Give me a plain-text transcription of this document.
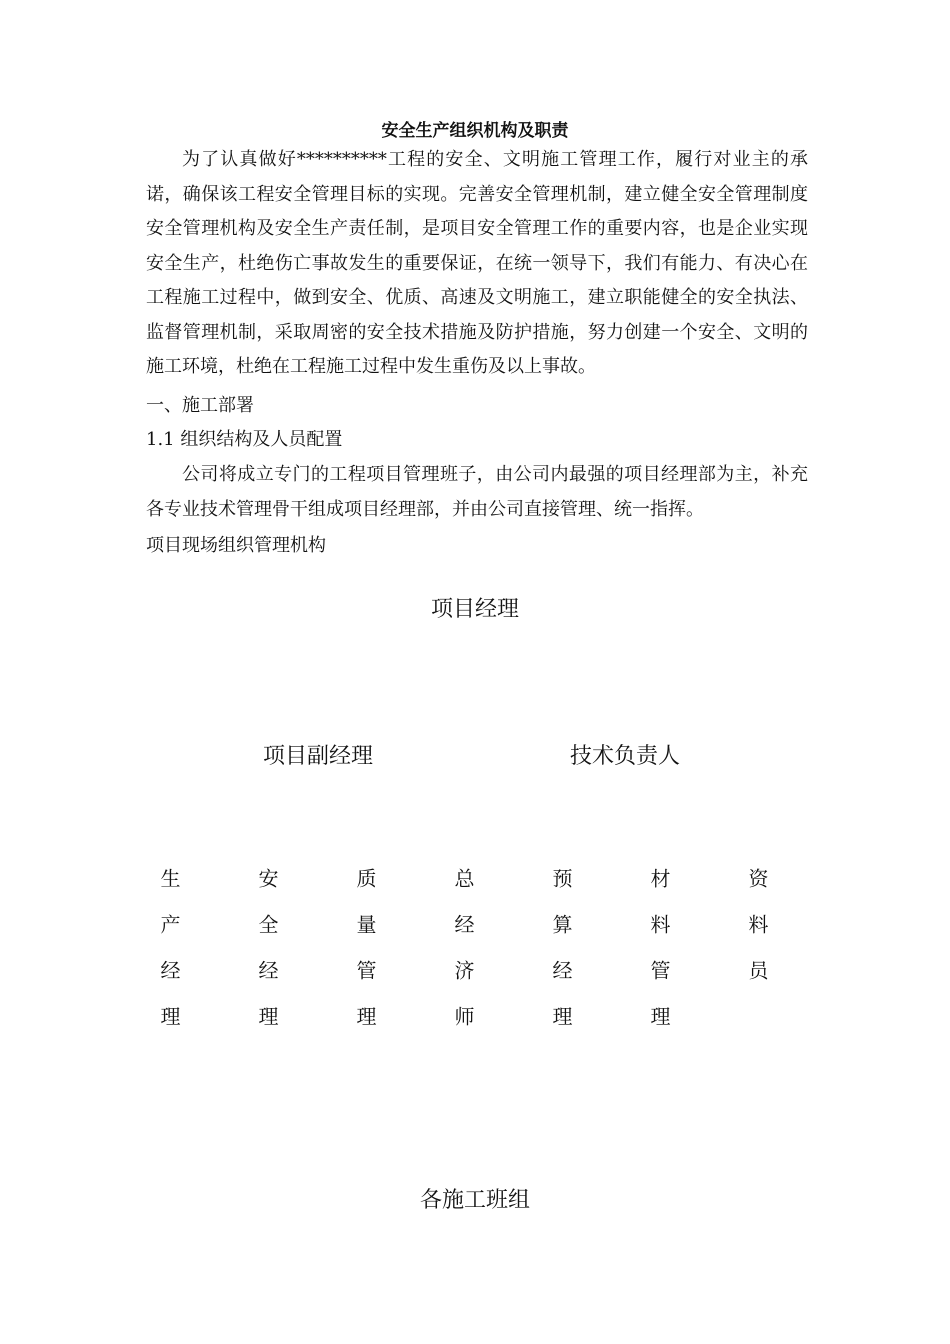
安全生产组织机构及职责

为了认真做好**********工程的安全、文明施工管理工作，履行对业主的承诺，确保该工程安全管理目标的实现。完善安全管理机制，建立健全安全管理制度安全管理机构及安全生产责任制，是项目安全管理工作的重要内容，也是企业实现安全生产，杜绝伤亡事故发生的重要保证，在统一领导下，我们有能力、有决心在工程施工过程中，做到安全、优质、高速及文明施工，建立职能健全的安全执法、监督管理机制，采取周密的安全技术措施及防护措施，努力创建一个安全、文明的施工环境，杜绝在工程施工过程中发生重伤及以上事故。

一、施工部署

1.1 组织结构及人员配置

公司将成立专门的工程项目管理班子，由公司内最强的项目经理部为主，补充各专业技术管理骨干组成项目经理部，并由公司直接管理、统一指挥。

项目现场组织管理机构

项目经理
项目副经理	技术负责人
生产经理	安全经理	质量管理	总经济师	预算经理	材料管理	资料员
各施工班组
